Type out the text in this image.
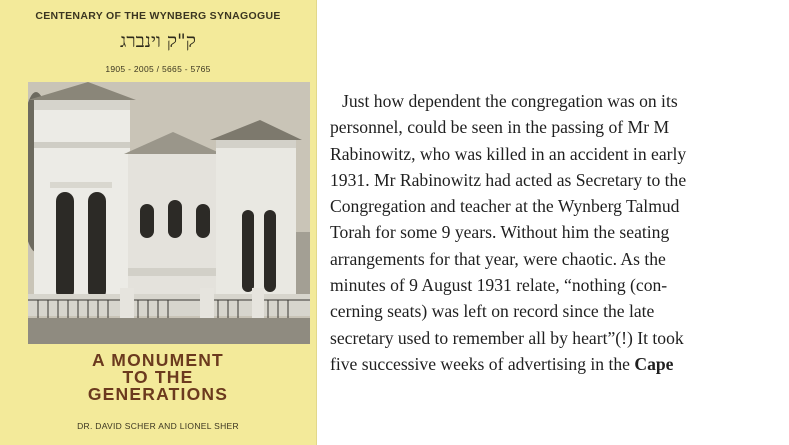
CENTENARY OF THE WYNBERG SYNAGOGUE
ק"ק וינברג
1905 - 2005 / 5665 - 5765
A MONUMENT
TO THE
GENERATIONS
DR. DAVID SCHER AND LIONEL SHER
Just how dependent the congregation was on its
personnel, could be seen in the passing of Mr M
Rabinowitz, who was killed in an accident in early
1931. Mr Rabinowitz had acted as Secretary to the
Congregation and teacher at the Wynberg Talmud
Torah for some 9 years. Without him the seating
arrangements for that year, were chaotic. As the
minutes of 9 August 1931 relate, “nothing (con-
cerning seats) was left on record since the late
secretary used to remember all by heart”(!) It took
five successive weeks of advertising in the Cape
